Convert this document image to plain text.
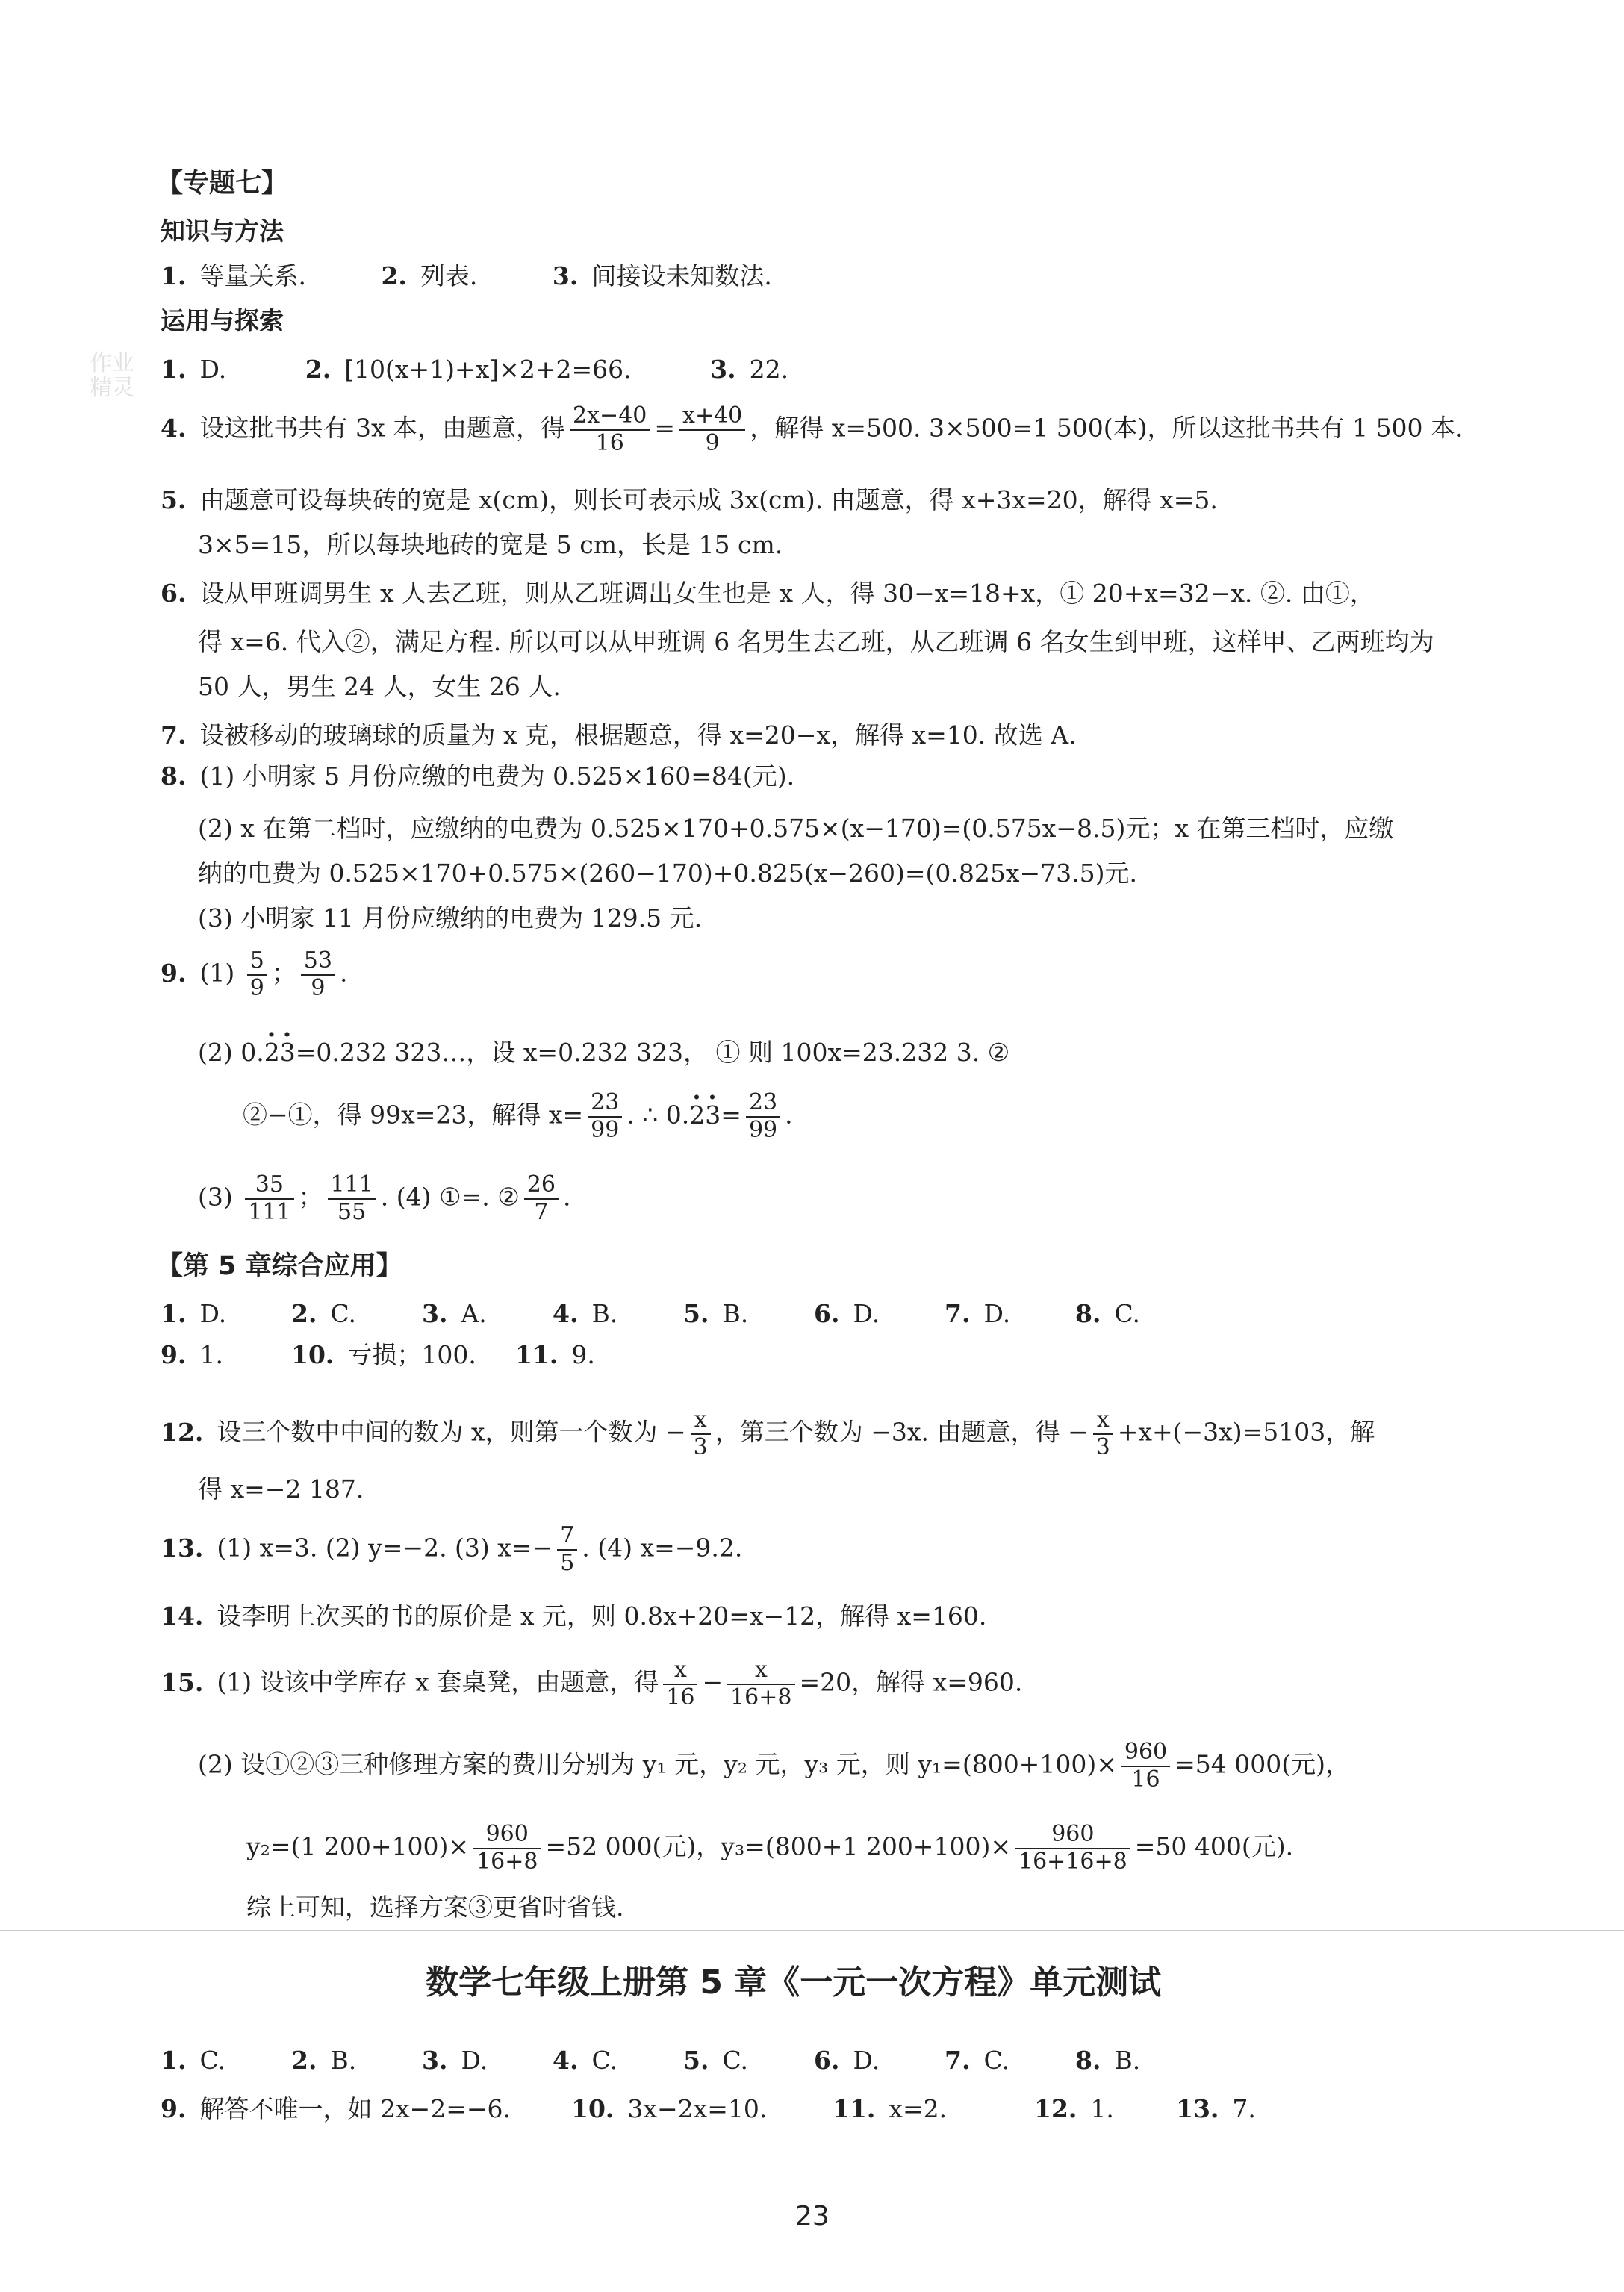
【专题七】
知识与方法
1. 等量关系.	2. 列表.	3. 间接设未知数法.
运用与探索
1. D.	2. [10(x+1)+x]×2+2=66.	3. 22.
4. 设这批书共有 3x 本，由题意，得 $\frac{2x-40}{16} = \frac{x+40}{9}$ ，解得 x=500. 3×500=1 500(本)，所以这批书共有 1 500 本.
5. 由题意可设每块砖的宽是 x(cm)，则长可表示成 3x(cm). 由题意，得 x+3x=20，解得 x=5.
3×5=15，所以每块地砖的宽是 5 cm，长是 15 cm.
6. 设从甲班调男生 x 人去乙班，则从乙班调出女生也是 x 人，得 30−x=18+x，① 20+x=32−x. ②. 由①，
得 x=6. 代入②，满足方程. 所以可以从甲班调 6 名男生去乙班，从乙班调 6 名女生到甲班，这样甲、乙两班均为
50 人，男生 24 人，女生 26 人.
7. 设被移动的玻璃球的质量为 x 克，根据题意，得 x=20−x，解得 x=10. 故选 A.
8. (1) 小明家 5 月份应缴的电费为 0.525×160=84(元).
(2) x 在第二档时，应缴纳的电费为 0.525×170+0.575×(x−170)=(0.575x−8.5)元；x 在第三档时，应缴
纳的电费为 0.525×170+0.575×(260−170)+0.825(x−260)=(0.825x−73.5)元.
(3) 小明家 11 月份应缴纳的电费为 129.5 元.
9. $(1) \frac{5}{9}$ ； $\frac{53}{9}$ .
(2) 0.· 2· 3=0.232 323…，设 x=0.232 323， ① 则 100x=23.232 3. ②
②−①，得 99x=23，解得 $x= \frac{23}{99}$ . ∴ $0.\cdot 2\cdot 3= \frac{23}{99}$ .
$(3) \frac{35}{111}$ ； $\frac{111}{55}$ . (4) ①=. ② $\frac{26}{7}$ .
【第 5 章综合应用】
1. D.	2. C.	3. A.	4. B.	5. B.	6. D.	7. D.	8. C.
9. 1.	10. 亏损；100. 11. 9.
12. 设三个数中中间的数为 x，则第一个数为 − $\frac{x}{3}$ ，第三个数为 −3x. 由题意，得 − $\frac{x}{3} +x+(-3x)=5103$，解
得 x=−2 187.
13. (1) x=3. (2) y=−2. (3) $x=- \frac{7}{5}$ . (4) x=−9.2.
14. 设李明上次买的书的原价是 x 元，则 0.8x+20=x−12，解得 x=160.
15. (1) 设该中学库存 x 套桌凳，由题意，得 $\frac{x}{16} - \frac{x}{16+8} =20$，解得 x=960.
(2) 设①②③三种修理方案的费用分别为 y₁ 元，y₂ 元，y₃ 元，则 $y_1=(800+100)\times \frac{960}{16} =54$ 000(元)，
y₂=(1 $200+100)\times \frac{960}{16+8} =52$ 000(元)，y₃=(800+1 $200+100)\times \frac{960}{16+16+8} =50$ 400(元).
综上可知，选择方案③更省时省钱.
数学七年级上册第 5 章《一元一次方程》单元测试
1. C.	2. B.	3. D.	4. C.	5. C.	6. D.	7. C.	8. B.
9. 解答不唯一，如 2x−2=−6. 10. 3x−2x=10.	11. x=2.	12. 1.	13. 7.
23
作业
精灵
